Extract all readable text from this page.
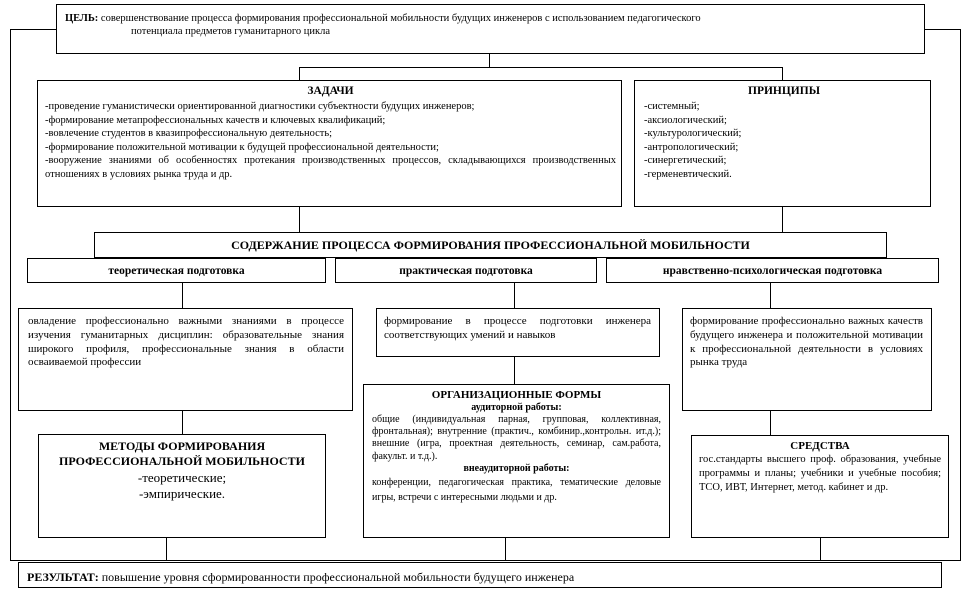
ЦЕЛЬ: совершенствование процесса формирования профессиональной мобильности будущих инженеров с использованием педагогического
потенциала предметов гуманитарного цикла
ЗАДАЧИ
-проведение гуманистически ориентированной диагностики субъектности будущих инженеров;
-формирование метапрофессиональных качеств и ключевых квалификаций;
-вовлечение студентов в квазипрофессиональную деятельность;
-формирование положительной мотивации к будущей профессиональной деятельности;
-вооружение знаниями об особенностях протекания производственных процессов, складывающихся производственных отношениях в условиях рынка труда и др.
ПРИНЦИПЫ
-системный;
-аксиологический;
-культурологический;
-антропологический;
-синергетический;
-герменевтический.
СОДЕРЖАНИЕ ПРОЦЕССА ФОРМИРОВАНИЯ ПРОФЕССИОНАЛЬНОЙ МОБИЛЬНОСТИ
теоретическая подготовка	практическая подготовка	нравственно-психологическая подготовка
овладение профессионально важными знаниями в процессе изучения гуманитарных дисциплин: образовательные знания широкого профиля, профессиональные знания в области осваиваемой профессии
формирование в процессе подготовки инженера соответствующих умений и навыков
формирование профессионально важных качеств будущего инженера и положительной мотивации к профессиональной деятельности в условиях рынка труда
МЕТОДЫ ФОРМИРОВАНИЯ
ПРОФЕССИОНАЛЬНОЙ МОБИЛЬНОСТИ
-теоретические;
-эмпирические.
ОРГАНИЗАЦИОННЫЕ ФОРМЫ
аудиторной работы:
общие (индивидуальная парная, групповая, коллективная, фронтальная); внутренние (практич., комбинир.,контрольн. ит.д.); внешние (игра, проектная деятельность, семинар, сам.работа, факульт. и т.д.).
внеаудиторной работы:
конференции, педагогическая практика, тематические деловые игры, встречи с интересными людьми и др.
СРЕДСТВА
гос.стандарты высшего проф. образования, учебные программы и планы; учебники и учебные пособия; ТСО, ИВТ, Интернет, метод. кабинет и др.
РЕЗУЛЬТАТ: повышение уровня сформированности профессиональной мобильности будущего инженера
